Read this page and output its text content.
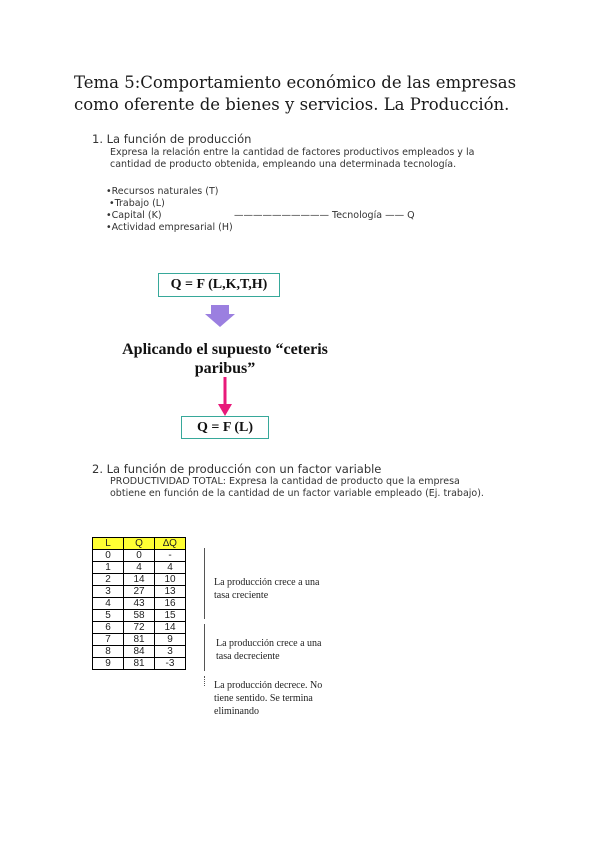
Tema 5:Comportamiento económico de las empresas como oferente de bienes y servicios. La Producción.
1. La función de producción
Expresa la relación entre la cantidad de factores productivos empleados y la
cantidad de producto obtenida, empleando una determinada tecnología.
•Recursos naturales (T)
•Trabajo (L)
•Capital (K)	—————————— Tecnología —— Q
•Actividad empresarial (H)
Q = F (L,K,T,H)
Aplicando el supuesto “ceteris
paribus”
Q = F (L)
2. La función de producción con un factor variable
PRODUCTIVIDAD TOTAL: Expresa la cantidad de producto que la empresa
obtiene en función de la cantidad de un factor variable empleado (Ej. trabajo).
L	Q	∆Q
0	0	-
1	4	4
2	14	10
3	27	13
4	43	16
5	58	15
6	72	14
7	81	9
8	84	3
9	81	-3
La producción crece a una
tasa creciente
La producción crece a una
tasa decreciente
La producción decrece. No
tiene sentido. Se termina
eliminando
